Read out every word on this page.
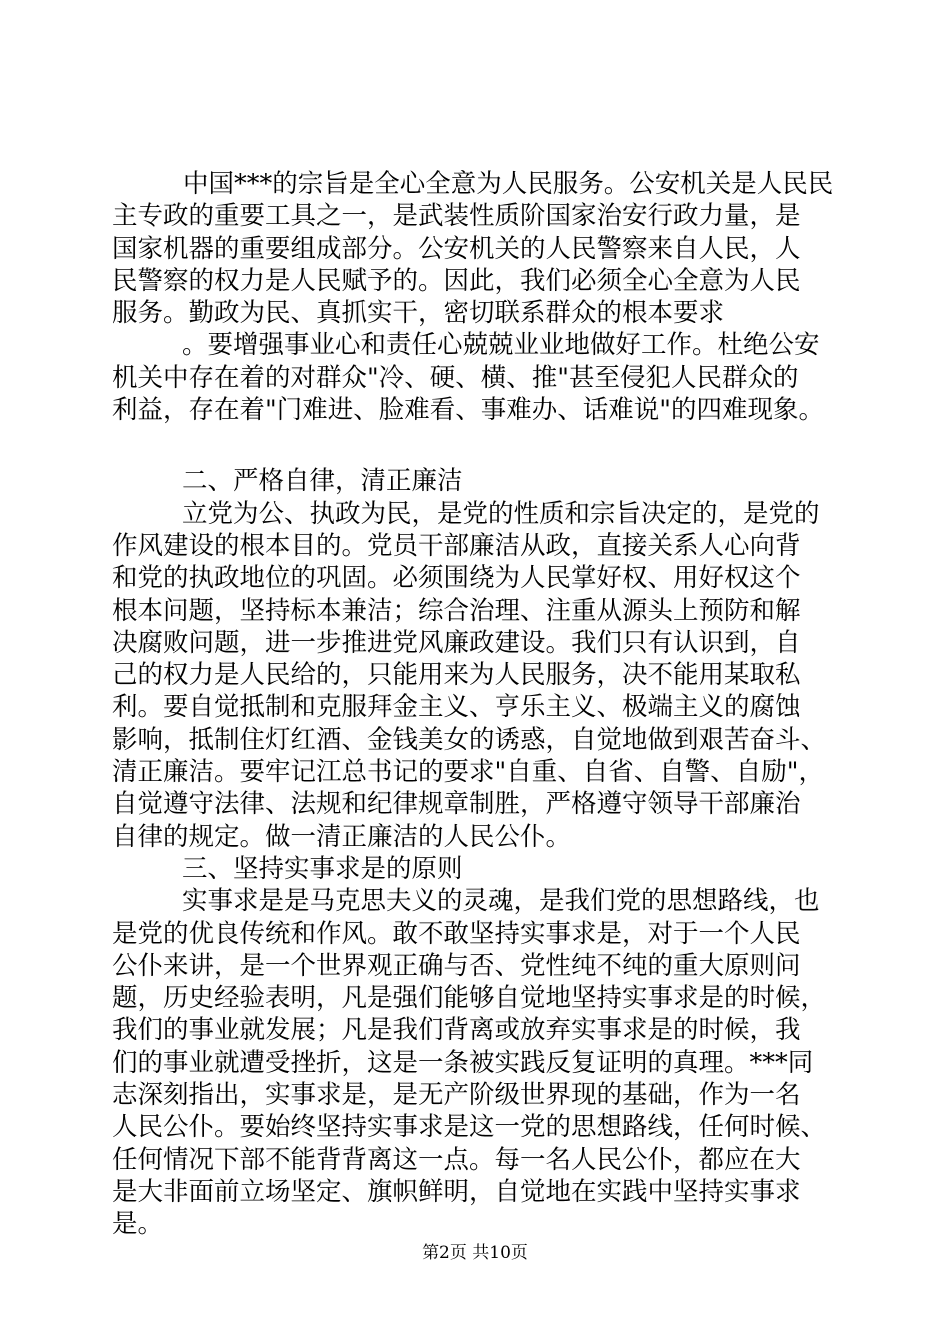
中国***的宗旨是全心全意为人民服务。公安机关是人民民
主专政的重要工具之一，是武装性质阶国家治安行政力量，是
国家机器的重要组成部分。公安机关的人民警察来自人民，人
民警察的权力是人民赋予的。因此，我们必须全心全意为人民
服务。勤政为民、真抓实干，密切联系群众的根本要求
。要增强事业心和责任心兢兢业业地做好工作。杜绝公安
机关中存在着的对群众"冷、硬、横、推"甚至侵犯人民群众的
利益，存在着"门难进、脸难看、事难办、话难说"的四难现象。
二、严格自律，清正廉洁
立党为公、执政为民，是党的性质和宗旨决定的，是党的
作风建设的根本目的。党员干部廉洁从政，直接关系人心向背
和党的执政地位的巩固。必须围绕为人民掌好权、用好权这个
根本问题，坚持标本兼洁；综合治理、注重从源头上预防和解
决腐败问题，进一步推进党风廉政建设。我们只有认识到，自
己的权力是人民给的，只能用来为人民服务，决不能用某取私
利。要自觉抵制和克服拜金主义、亨乐主义、极端主义的腐蚀
影响，抵制住灯红酒、金钱美女的诱惑，自觉地做到艰苦奋斗、
清正廉洁。要牢记江总书记的要求"自重、自省、自警、自励"，
自觉遵守法律、法规和纪律规章制胜，严格遵守领导干部廉治
自律的规定。做一清正廉洁的人民公仆。
三、坚持实事求是的原则
实事求是是马克思夫义的灵魂，是我们党的思想路线，也
是党的优良传统和作风。敢不敢坚持实事求是，对于一个人民
公仆来讲，是一个世界观正确与否、党性纯不纯的重大原则问
题，历史经验表明，凡是强们能够自觉地坚持实事求是的时候，
我们的事业就发展；凡是我们背离或放弃实事求是的时候，我
们的事业就遭受挫折，这是一条被实践反复证明的真理。***同
志深刻指出，实事求是，是无产阶级世界现的基础，作为一名
人民公仆。要始终坚持实事求是这一党的思想路线，任何时候、
任何情况下部不能背背离这一点。每一名人民公仆，都应在大
是大非面前立场坚定、旗帜鲜明，自觉地在实践中坚持实事求
是。
第2页 共10页
